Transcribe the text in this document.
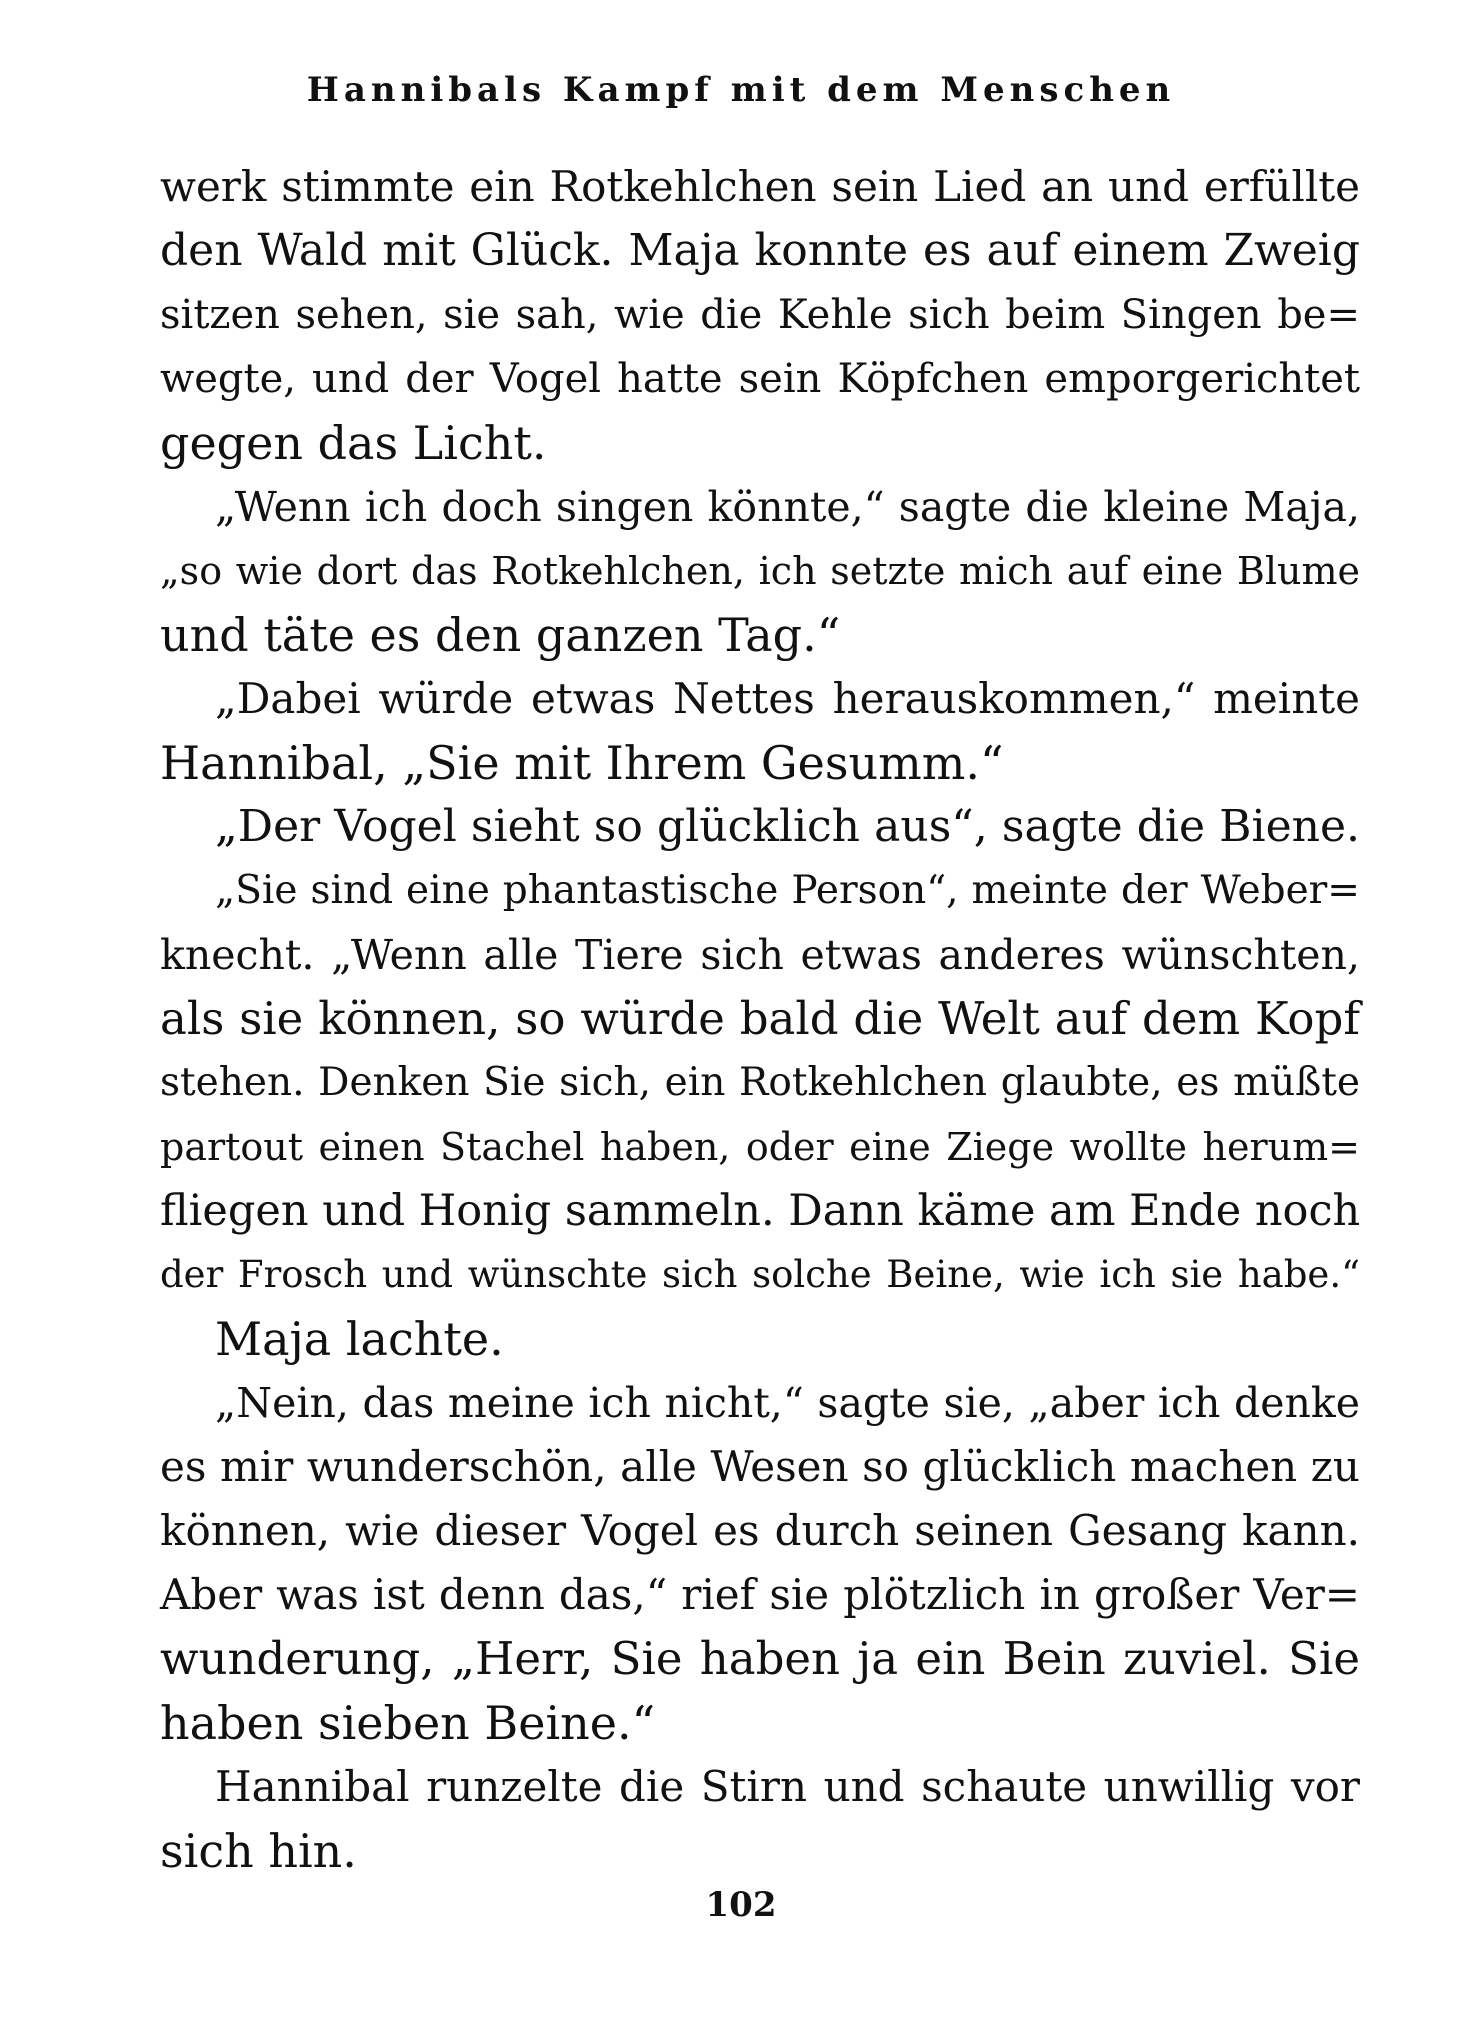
Hannibals Kampf mit dem Menschen
werk stimmte ein Rotkehlchen sein Lied an und erfüllte
den Wald mit Glück. Maja konnte es auf einem Zweig
sitzen sehen, sie sah, wie die Kehle sich beim Singen be=
wegte, und der Vogel hatte sein Köpfchen emporgerichtet
gegen das Licht.
„Wenn ich doch singen könnte,“ sagte die kleine Maja,
„so wie dort das Rotkehlchen, ich setzte mich auf eine Blume
und täte es den ganzen Tag.“
„Dabei würde etwas Nettes herauskommen,“ meinte
Hannibal, „Sie mit Ihrem Gesumm.“
„Der Vogel sieht so glücklich aus“, sagte die Biene.
„Sie sind eine phantastische Person“, meinte der Weber=
knecht. „Wenn alle Tiere sich etwas anderes wünschten,
als sie können, so würde bald die Welt auf dem Kopf
stehen. Denken Sie sich, ein Rotkehlchen glaubte, es müßte
partout einen Stachel haben, oder eine Ziege wollte herum=
fliegen und Honig sammeln. Dann käme am Ende noch
der Frosch und wünschte sich solche Beine, wie ich sie habe.“
Maja lachte.
„Nein, das meine ich nicht,“ sagte sie, „aber ich denke
es mir wunderschön, alle Wesen so glücklich machen zu
können, wie dieser Vogel es durch seinen Gesang kann.
Aber was ist denn das,“ rief sie plötzlich in großer Ver=
wunderung, „Herr, Sie haben ja ein Bein zuviel. Sie
haben sieben Beine.“
Hannibal runzelte die Stirn und schaute unwillig vor
sich hin.
102
